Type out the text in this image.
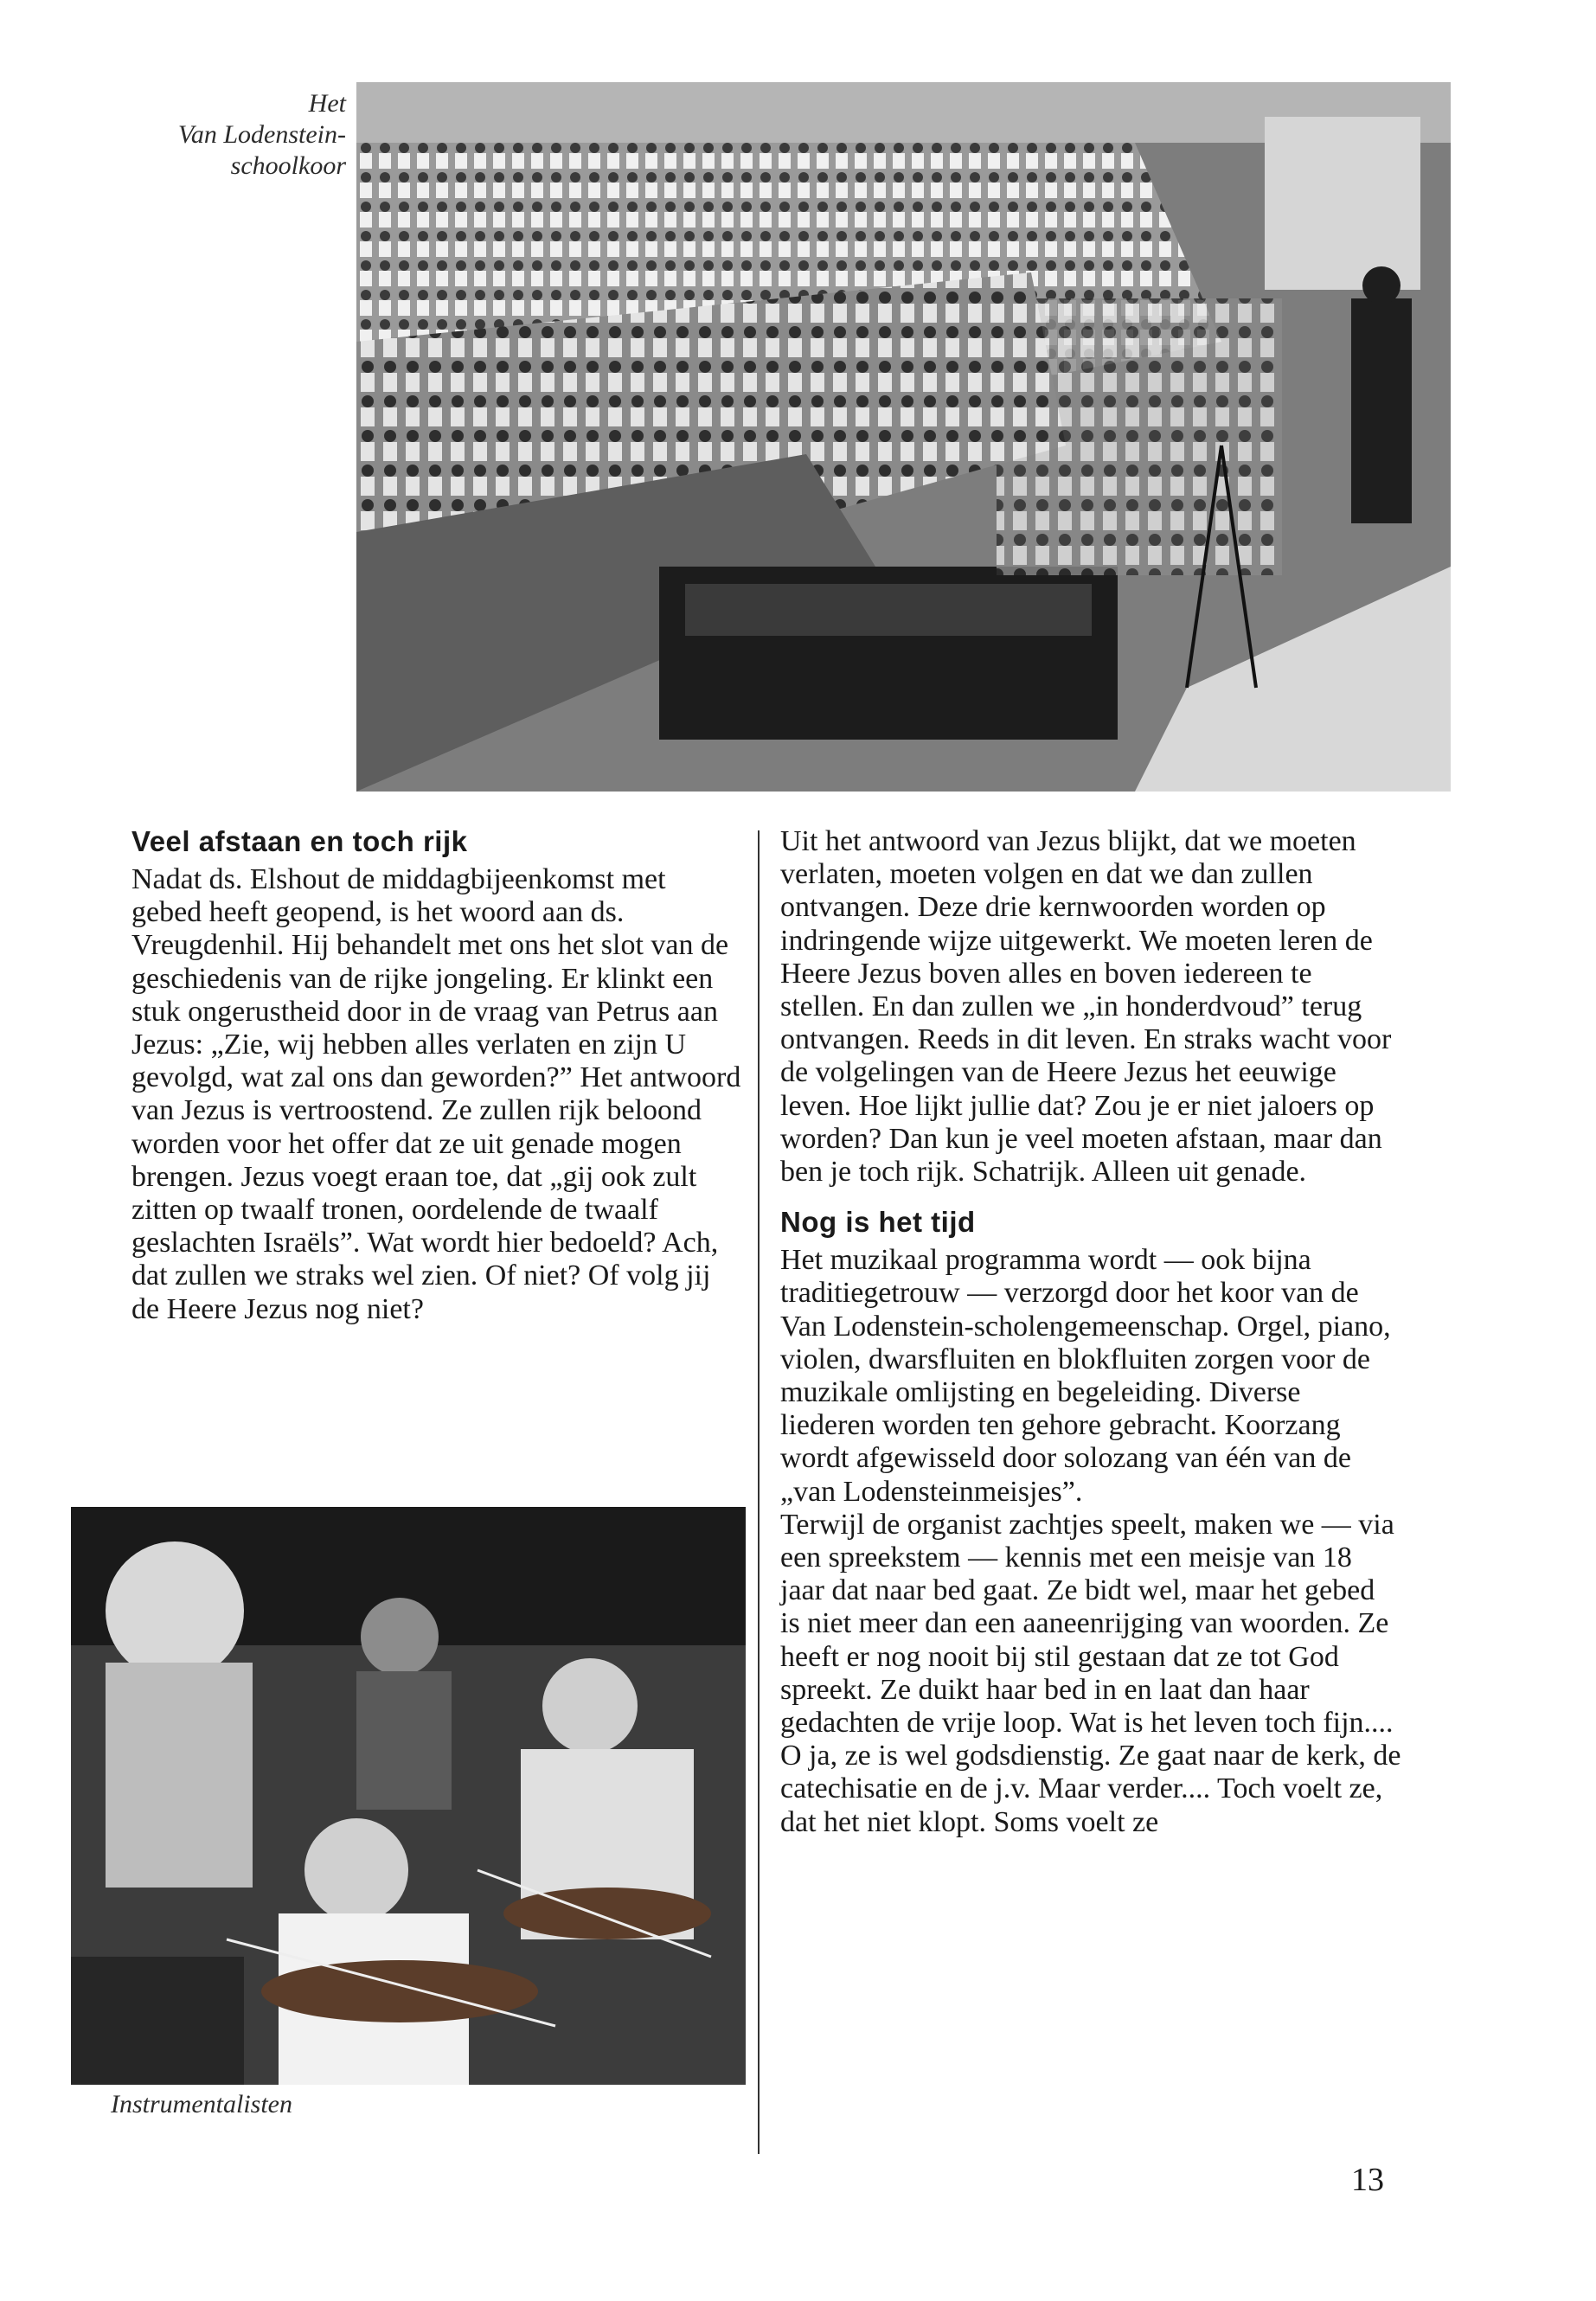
Het
Van Lodenstein-
schoolkoor
Veel afstaan en toch rijk

Nadat ds. Elshout de middagbijeenkomst met gebed heeft geopend, is het woord aan ds. Vreugdenhil. Hij behandelt met ons het slot van de geschiedenis van de rijke jongeling. Er klinkt een stuk ongerustheid door in de vraag van Petrus aan Jezus: „Zie, wij hebben alles verlaten en zijn U gevolgd, wat zal ons dan geworden?” Het antwoord van Jezus is vertroostend. Ze zullen rijk beloond worden voor het offer dat ze uit genade mogen brengen. Jezus voegt eraan toe, dat „gij ook zult zitten op twaalf tronen, oordelende de twaalf geslachten Israëls”. Wat wordt hier bedoeld? Ach, dat zullen we straks wel zien. Of niet? Of volg jij de Heere Jezus nog niet?

Uit het antwoord van Jezus blijkt, dat we moeten verlaten, moeten volgen en dat we dan zullen ontvangen. Deze drie kernwoorden worden op indringende wijze uitgewerkt. We moeten leren de Heere Jezus boven alles en boven iedereen te stellen. En dan zullen we „in honderdvoud” terug ontvangen. Reeds in dit leven. En straks wacht voor de volgelingen van de Heere Jezus het eeuwige leven. Hoe lijkt jullie dat? Zou je er niet jaloers op worden? Dan kun je veel moeten afstaan, maar dan ben je toch rijk. Schatrijk. Alleen uit genade.

Nog is het tijd

Het muzikaal programma wordt — ook bijna traditiegetrouw — verzorgd door het koor van de Van Lodenstein-scholengemeenschap. Orgel, piano, violen, dwarsfluiten en blokfluiten zorgen voor de muzikale omlijsting en begeleiding. Diverse liederen worden ten gehore gebracht. Koorzang wordt afgewisseld door solozang van één van de „van Lodensteinmeisjes”.

Terwijl de organist zachtjes speelt, maken we — via een spreekstem — kennis met een meisje van 18 jaar dat naar bed gaat. Ze bidt wel, maar het gebed is niet meer dan een aaneenrijging van woorden. Ze heeft er nog nooit bij stil gestaan dat ze tot God spreekt. Ze duikt haar bed in en laat dan haar gedachten de vrije loop. Wat is het leven toch fijn.... O ja, ze is wel godsdienstig. Ze gaat naar de kerk, de catechisatie en de j.v. Maar verder.... Toch voelt ze, dat het niet klopt. Soms voelt ze

Instrumentalisten
13
